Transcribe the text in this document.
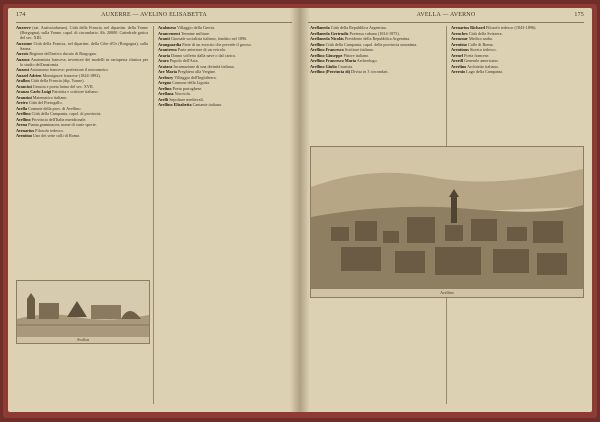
174	AUXERRE — AVELINO ELISABETTA

Auxerre (sat. Autissiodurum). Città della Francia, nel dipartim. della Yonne (Borgogna), sulla Yonne, capol. di circondario. Ab. 20000. Cattedrale gotica del sec. XIII.

Auxonne Città della Francia, nel dipartim. della Côte-d'Or (Borgogna), sulla Saona.

Auxois Regione dell'antico ducato di Borgogna.

Auzoux Anatomista francese, inventore dei modelli in cartapesta clastica per lo studio dell'anatomia.

Auzout Astronomo francese; perfezionò il micrometro.

Auzzel Adrien Monsignore francese (1824-1892).

Avallon Città della Francia (dip. Yonne).

Avancini Gesuita e poeta latino del sec. XVII.

Avanzo Carlo Luigi Patriotta e scrittore italiano.

Avanzini Matematico italiano.

Aveiro Città del Portogallo.

Avella Comune della prov. di Avellino.

Avellino Città della Campania, capol. di provincia.

Avellino Provincia dell'Italia meridionale.

Avena Pianta graminacea; nome di varie specie.

Avenarius Filosofo tedesco.

Aventino Uno dei sette colli di Roma.

Avaloneso Villaggio della Grecia.

Avancement Termine militare.

Avanti Giornale socialista italiano, fondato nel 1896.

Avanguardia Parte di un esercito che precede il grosso.

Avantreno Parte anteriore di un veicolo.

Avaria Danno sofferto dalla nave o dal carico.

Avaro Popolo dell'Asia.

Avatara Incarnazione di una divinità indiana.

Ave Maria Preghiera alla Vergine.

Avebury Villaggio dell'Inghilterra.

Avegno Comune della Liguria.

Avelino Poeta portoghese.

Avellana Nocciola.

Avelli Sepolture medievali.

Avellino Elisabetta Cantante italiana.

Avallon
AVELLA — AVERNO	175

Avellaneda Città della Repubblica Argentina.

Avellaneda Gertrudis Poetessa cubana (1814-1873).

Avellaneda Nicolás Presidente della Repubblica Argentina.

Avellino Città della Campania, capol. della provincia omonima.

Avellino Francesco Scrittore italiano.

Avellino Giuseppe Pittore italiano.

Avellino Francesco Maria Archeologo.

Avellino Giulio Cronista.

Avellino (Provincia di) Divisa in 3 circondari.

Avenarius Richard Filosofo tedesco (1843-1896).

Avenches Città della Svizzera.

Avenzoar Medico arabo.

Aventino Colle di Roma.

Aventinus Storico tedesco.

Avenel Poeta francese.

Averill Generale americano.

Averlino Architetto italiano.

Avernio Lago della Campania.

Avellino
